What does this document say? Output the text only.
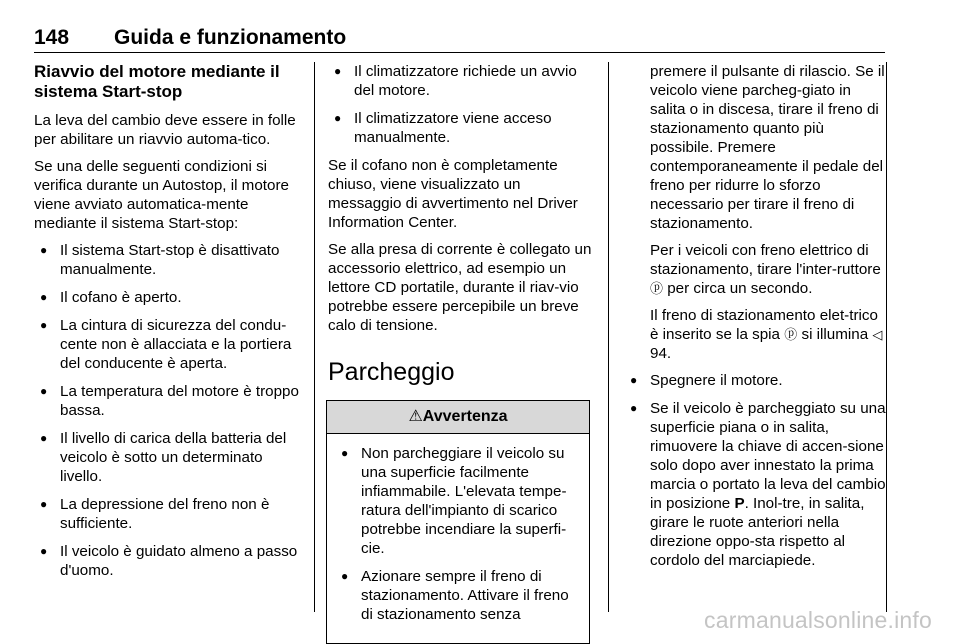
148 Guida e funzionamento
Riavvio del motore mediante il sistema Start-stop

La leva del cambio deve essere in folle per abilitare un riavvio automa-tico.

Se una delle seguenti condizioni si verifica durante un Autostop, il motore viene avviato automatica-mente mediante il sistema Start-stop:

● Il sistema Start-stop è disattivato manualmente.
● Il cofano è aperto.
● La cintura di sicurezza del condu-cente non è allacciata e la portiera del conducente è aperta.
● La temperatura del motore è troppo bassa.
● Il livello di carica della batteria del veicolo è sotto un determinato livello.
● La depressione del freno non è sufficiente.
● Il veicolo è guidato almeno a passo d'uomo.
● Il climatizzatore richiede un avvio del motore.
● Il climatizzatore viene acceso manualmente.

Se il cofano non è completamente chiuso, viene visualizzato un messaggio di avvertimento nel Driver Information Center.

Se alla presa di corrente è collegato un accessorio elettrico, ad esempio un lettore CD portatile, durante il riav-vio potrebbe essere percepibile un breve calo di tensione.

Parcheggio
⚠Avvertenza
● Non parcheggiare il veicolo su una superficie facilmente infiammabile. L'elevata tempe-ratura dell'impianto di scarico potrebbe incendiare la superfi-cie.
● Azionare sempre il freno di stazionamento. Attivare il freno di stazionamento senza

premere il pulsante di rilascio. Se il veicolo viene parcheg-giato in salita o in discesa, tirare il freno di stazionamento quanto più possibile. Premere contemporaneamente il pedale del freno per ridurre lo sforzo necessario per tirare il freno di stazionamento.

Per i veicoli con freno elettrico di stazionamento, tirare l'inter-ruttore ⓟ per circa un secondo.

Il freno di stazionamento elet-trico è inserito se la spia ⓟ si illumina ◁ 94.

● Spegnere il motore.
● Se il veicolo è parcheggiato su una superficie piana o in salita, rimuovere la chiave di accen-sione solo dopo aver innestato la prima marcia o portato la leva del cambio in posizione P. Inol-tre, in salita, girare le ruote anteriori nella direzione oppo-sta rispetto al cordolo del marciapiede.
carmanualsonline.info
